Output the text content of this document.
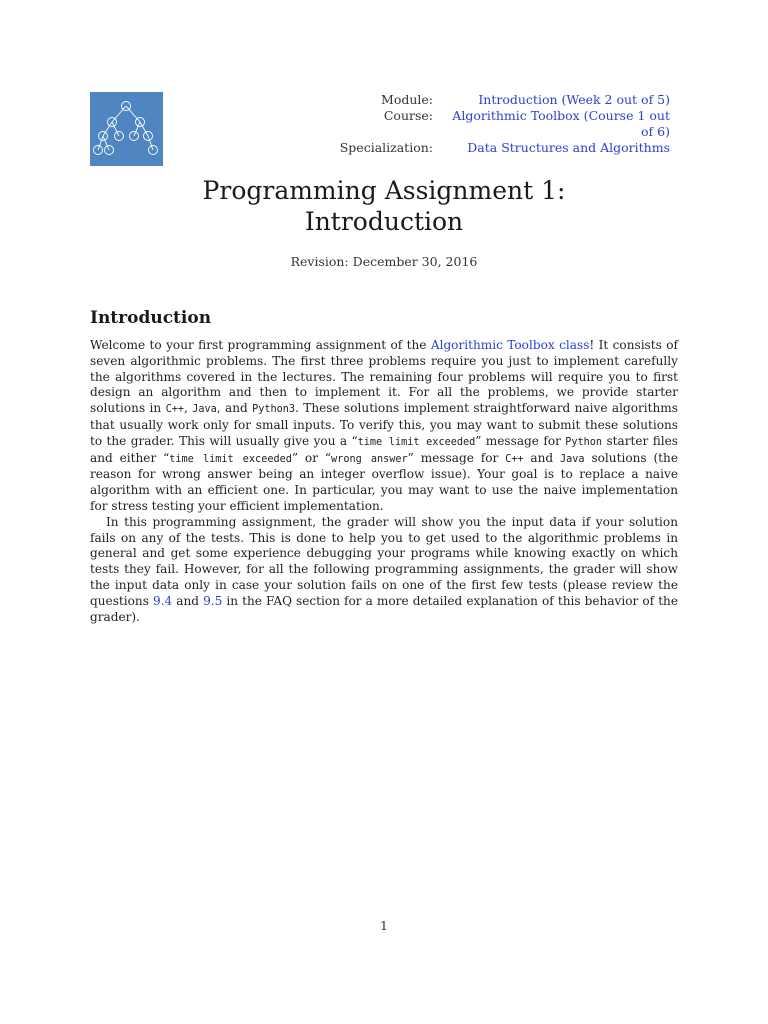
Module:	Introduction (Week 2 out of 5)
Course:	Algorithmic Toolbox (Course 1 out of 6)
Specialization:	Data Structures and Algorithms
Programming Assignment 1:
Introduction
Revision: December 30, 2016
Introduction

Welcome to your first programming assignment of the Algorithmic Toolbox class! It consists of seven algorithmic problems. The first three problems require you just to implement carefully the algorithms covered in the lectures. The remaining four problems will require you to first design an algorithm and then to implement it. For all the problems, we provide starter solutions in C++, Java, and Python3. These solutions implement straightforward naive algorithms that usually work only for small inputs. To verify this, you may want to submit these solutions to the grader. This will usually give you a “time limit exceeded” message for Python starter files and either “time limit exceeded” or “wrong answer” message for C++ and Java solutions (the reason for wrong answer being an integer overflow issue). Your goal is to replace a naive algorithm with an efficient one. In particular, you may want to use the naive implementation for stress testing your efficient implementation.

In this programming assignment, the grader will show you the input data if your solution fails on any of the tests. This is done to help you to get used to the algorithmic problems in general and get some experience debugging your programs while knowing exactly on which tests they fail. However, for all the following programming assignments, the grader will show the input data only in case your solution fails on one of the first few tests (please review the questions 9.4 and 9.5 in the FAQ section for a more detailed explanation of this behavior of the grader).

1
